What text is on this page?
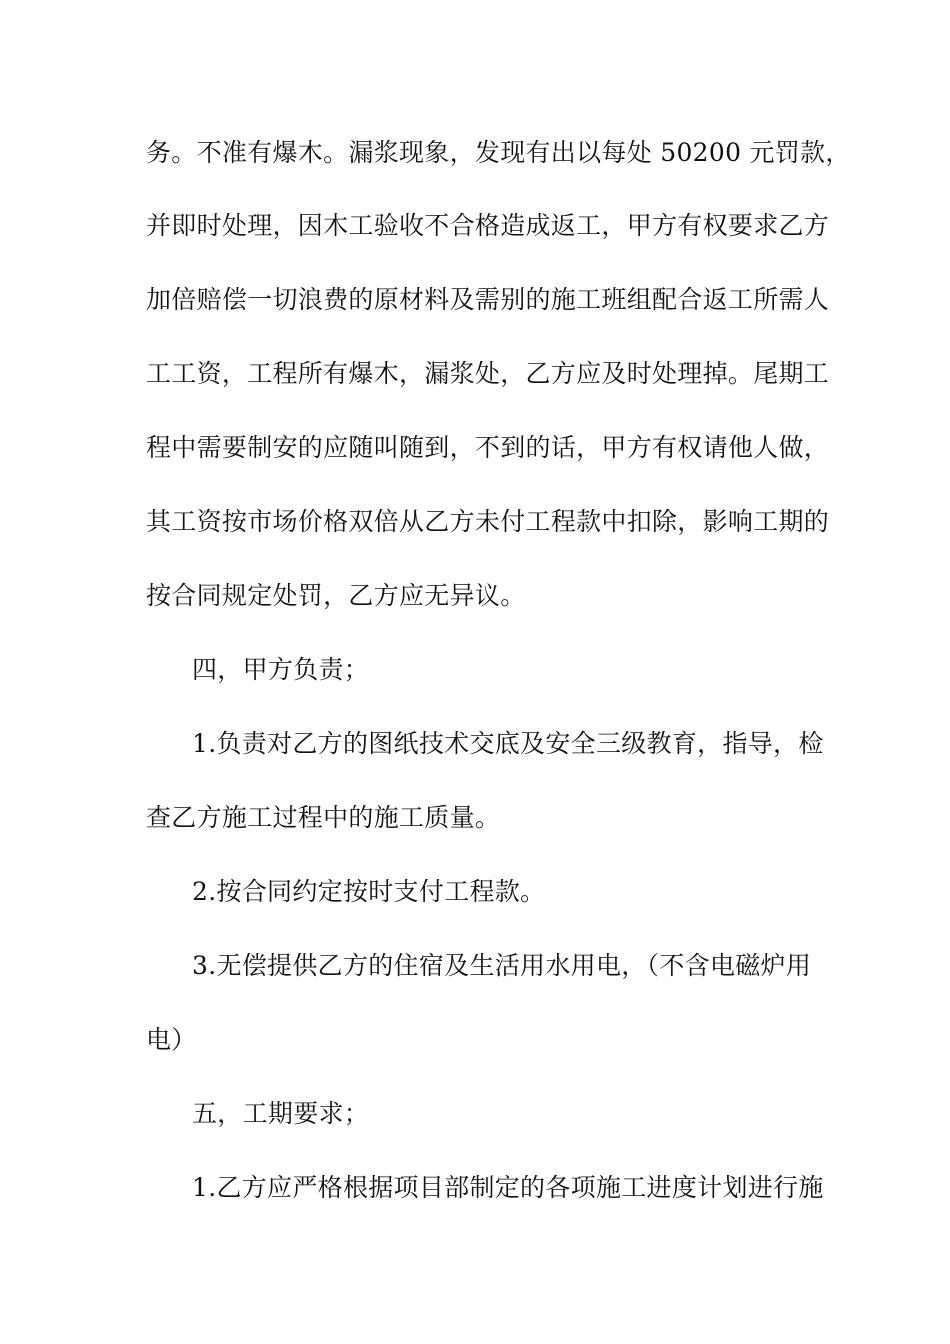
务。不准有爆木。漏浆现象，发现有出以每处 50200 元罚款，
并即时处理，因木工验收不合格造成返工，甲方有权要求乙方
加倍赔偿一切浪费的原材料及需别的施工班组配合返工所需人
工工资，工程所有爆木，漏浆处，乙方应及时处理掉。尾期工
程中需要制安的应随叫随到，不到的话，甲方有权请他人做，
其工资按市场价格双倍从乙方未付工程款中扣除，影响工期的
按合同规定处罚，乙方应无异议。
四，甲方负责；
1.负责对乙方的图纸技术交底及安全三级教育，指导，检
查乙方施工过程中的施工质量。
2.按合同约定按时支付工程款。
3.无偿提供乙方的住宿及生活用水用电，（不含电磁炉用
电）
五，工期要求；
1.乙方应严格根据项目部制定的各项施工进度计划进行施
